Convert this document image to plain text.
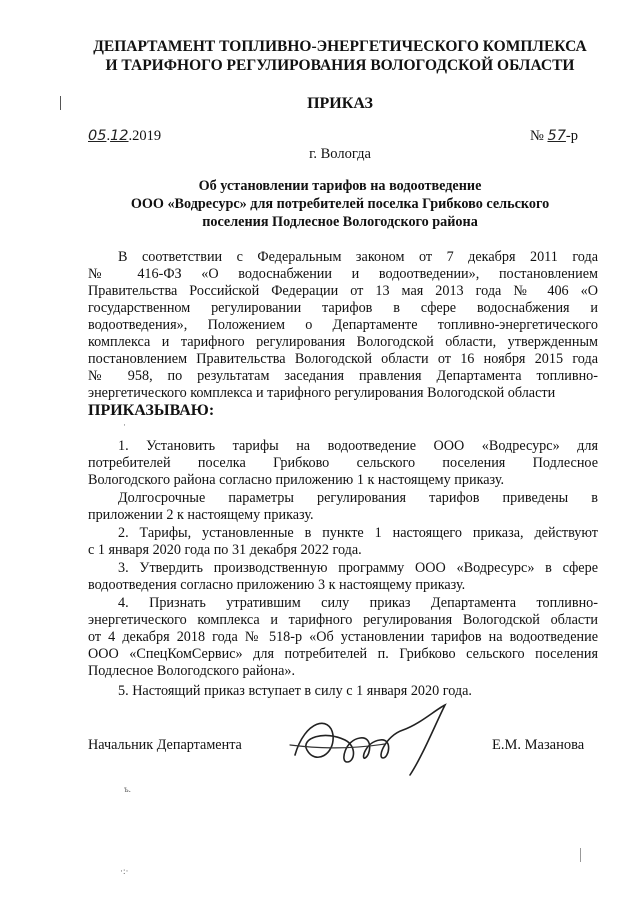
ДЕПАРТАМЕНТ ТОПЛИВНО-ЭНЕРГЕТИЧЕСКОГО КОМПЛЕКСА
И ТАРИФНОГО РЕГУЛИРОВАНИЯ ВОЛОГОДСКОЙ ОБЛАСТИ
ПРИКАЗ
05.12.2019	№ 57-р
г. Вологда
Об установлении тарифов на водоотведение
ООО «Водресурс» для потребителей поселка Грибково сельского
поселения Подлесное Вологодского района
В соответствии с Федеральным законом от 7 декабря 2011 года
№ 416-ФЗ «О водоснабжении и водоотведении», постановлением
Правительства Российской Федерации от 13 мая 2013 года № 406 «О
государственном регулировании тарифов в сфере водоснабжения и
водоотведения», Положением о Департаменте топливно-энергетического
комплекса и тарифного регулирования Вологодской области, утвержденным
постановлением Правительства Вологодской области от 16 ноября 2015 года
№ 958, по результатам заседания правления Департамента топливно-
энергетического комплекса и тарифного регулирования Вологодской области
ПРИКАЗЫВАЮ:
·
1. Установить тарифы на водоотведение ООО «Водресурс» для
потребителей поселка Грибково сельского поселения Подлесное
Вологодского района согласно приложению 1 к настоящему приказу.
Долгосрочные параметры регулирования тарифов приведены в
приложении 2 к настоящему приказу.
2. Тарифы, установленные в пункте 1 настоящего приказа, действуют
с 1 января 2020 года по 31 декабря 2022 года.
3. Утвердить производственную программу ООО «Водресурс» в сфере
водоотведения согласно приложению 3 к настоящему приказу.
4. Признать утратившим силу приказ Департамента топливно-
энергетического комплекса и тарифного регулирования Вологодской области
от 4 декабря 2018 года № 518-р «Об установлении тарифов на водоотведение
ООО «СпецКомСервис» для потребителей п. Грибково сельского поселения
Подлесное Вологодского района».
5. Настоящий приказ вступает в силу с 1 января 2020 года.
Начальник Департамента	Е.М. Мазанова
ъ.
·:·
